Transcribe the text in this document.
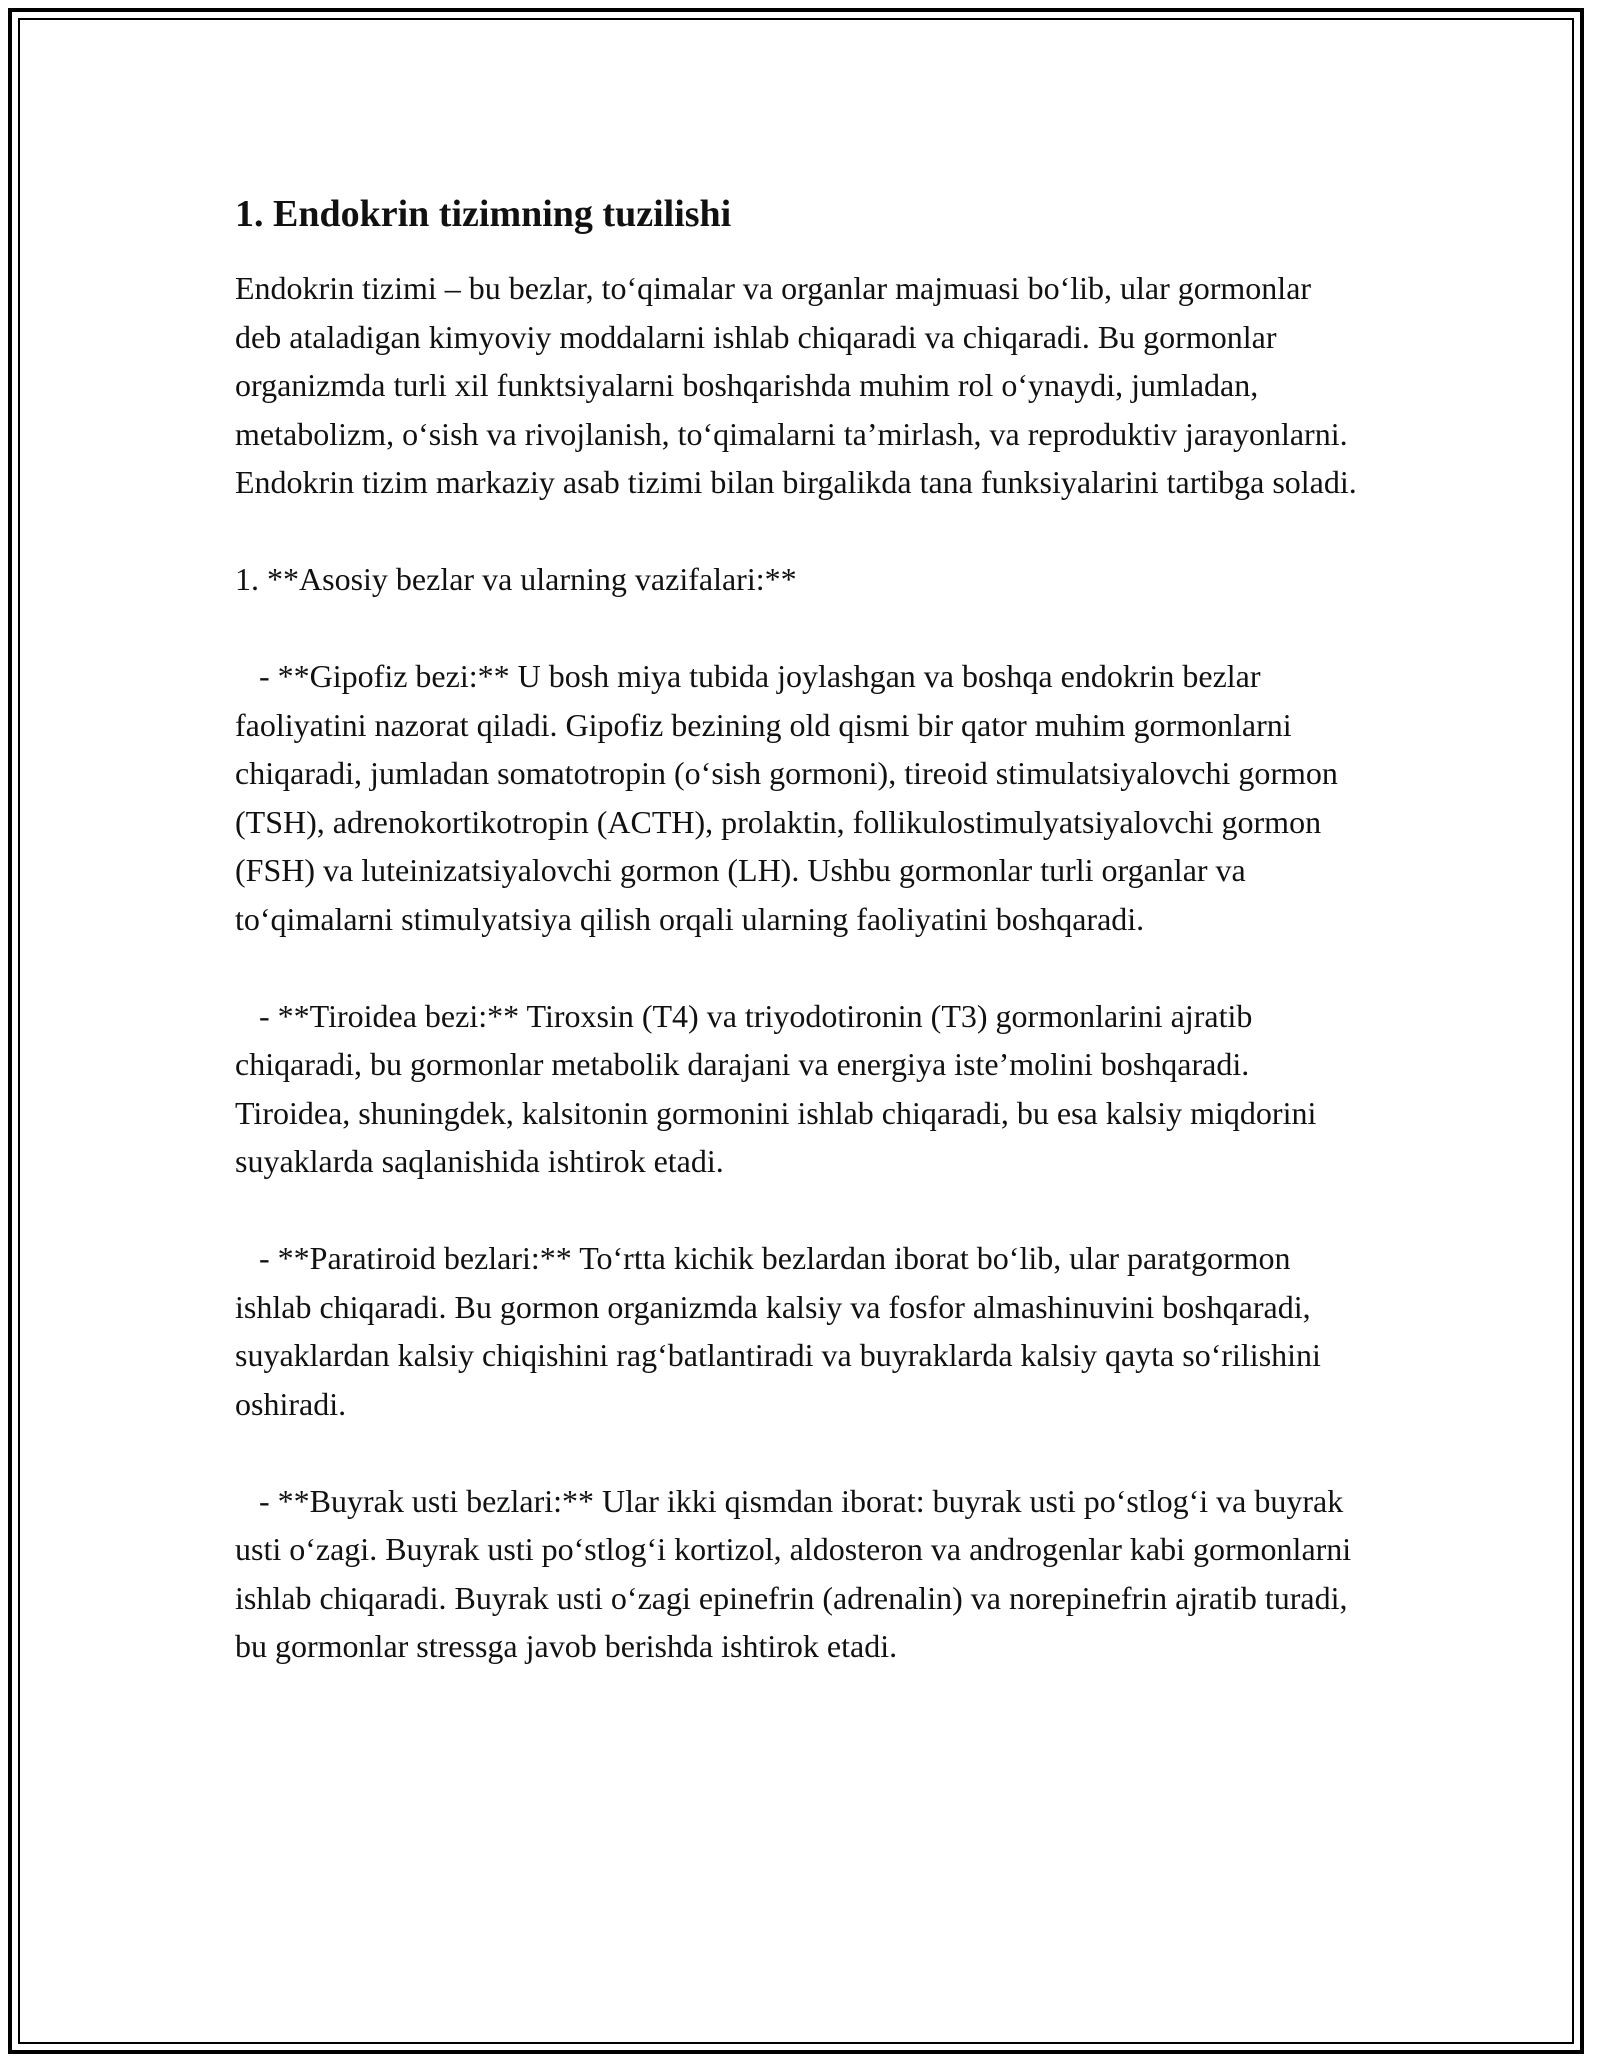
1. Endokrin tizimning tuzilishi

Endokrin tizimi – bu bezlar, to‘qimalar va organlar majmuasi bo‘lib, ular gormonlar deb ataladigan kimyoviy moddalarni ishlab chiqaradi va chiqaradi. Bu gormonlar organizmda turli xil funktsiyalarni boshqarishda muhim rol o‘ynaydi, jumladan, metabolizm, o‘sish va rivojlanish, to‘qimalarni ta’mirlash, va reproduktiv jarayonlarni. Endokrin tizim markaziy asab tizimi bilan birgalikda tana funksiyalarini tartibga soladi.

1. **Asosiy bezlar va ularning vazifalari:**

- **Gipofiz bezi:** U bosh miya tubida joylashgan va boshqa endokrin bezlar faoliyatini nazorat qiladi. Gipofiz bezining old qismi bir qator muhim gormonlarni chiqaradi, jumladan somatotropin (o‘sish gormoni), tireoid stimulatsiyalovchi gormon (TSH), adrenokortikotropin (ACTH), prolaktin, follikulostimulyatsiyalovchi gormon (FSH) va luteinizatsiyalovchi gormon (LH). Ushbu gormonlar turli organlar va to‘qimalarni stimulyatsiya qilish orqali ularning faoliyatini boshqaradi.

- **Tiroidea bezi:** Tiroxsin (T4) va triyodotironin (T3) gormonlarini ajratib chiqaradi, bu gormonlar metabolik darajani va energiya iste’molini boshqaradi. Tiroidea, shuningdek, kalsitonin gormonini ishlab chiqaradi, bu esa kalsiy miqdorini suyaklarda saqlanishida ishtirok etadi.

- **Paratiroid bezlari:** To‘rtta kichik bezlardan iborat bo‘lib, ular paratgormon ishlab chiqaradi. Bu gormon organizmda kalsiy va fosfor almashinuvini boshqaradi, suyaklardan kalsiy chiqishini rag‘batlantiradi va buyraklarda kalsiy qayta so‘rilishini oshiradi.

- **Buyrak usti bezlari:** Ular ikki qismdan iborat: buyrak usti po‘stlog‘i va buyrak usti o‘zagi. Buyrak usti po‘stlog‘i kortizol, aldosteron va androgenlar kabi gormonlarni ishlab chiqaradi. Buyrak usti o‘zagi epinefrin (adrenalin) va norepinefrin ajratib turadi, bu gormonlar stressga javob berishda ishtirok etadi.
